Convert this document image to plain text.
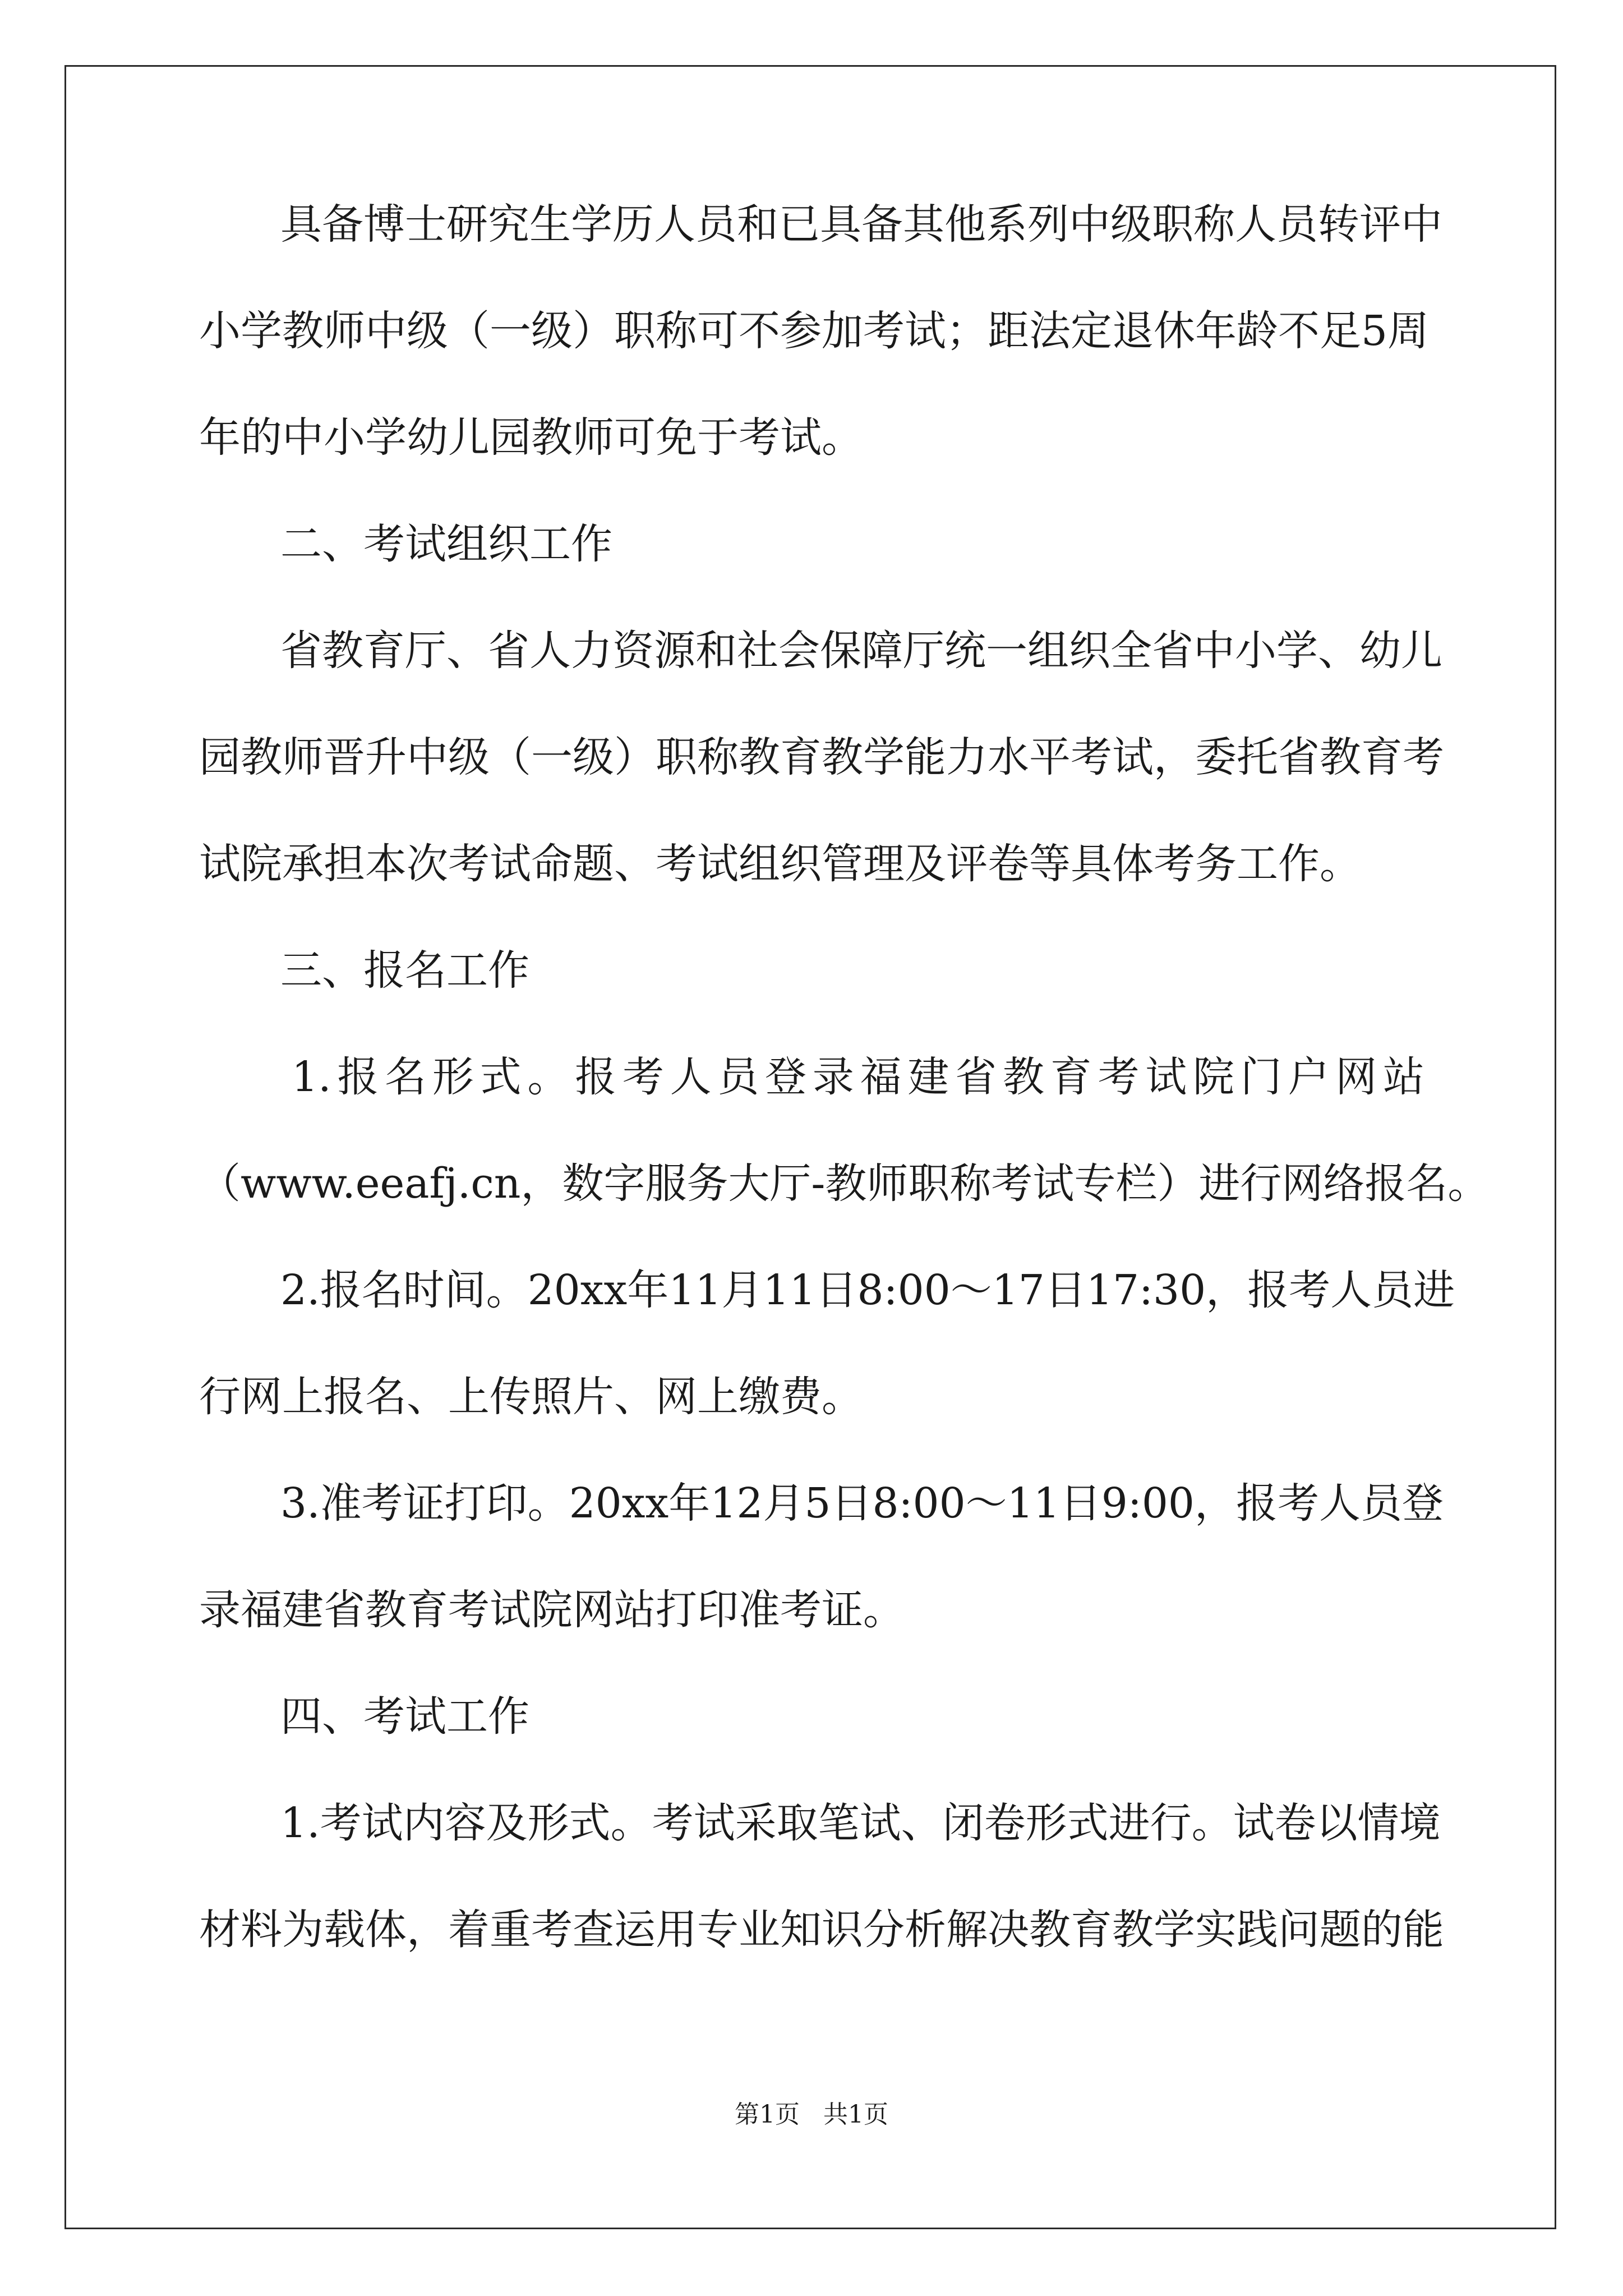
具备博士研究生学历人员和已具备其他系列中级职称人员转评中
小学教师中级（一级）职称可不参加考试；距法定退休年龄不足5周
年的中小学幼儿园教师可免于考试。
二、考试组织工作
省教育厅、省人力资源和社会保障厅统一组织全省中小学、幼儿
园教师晋升中级（一级）职称教育教学能力水平考试，委托省教育考
试院承担本次考试命题、考试组织管理及评卷等具体考务工作。
三、报名工作
1.报名形式。报考人员登录福建省教育考试院门户网站
（www.eeafj.cn，数字服务大厅-教师职称考试专栏）进行网络报名。
2.报名时间。20xx年11月11日8:00～17日17:30，报考人员进
行网上报名、上传照片、网上缴费。
3.准考证打印。20xx年12月5日8:00～11日9:00，报考人员登
录福建省教育考试院网站打印准考证。
四、考试工作
1.考试内容及形式。考试采取笔试、闭卷形式进行。试卷以情境
材料为载体，着重考查运用专业知识分析解决教育教学实践问题的能
第1页 共1页
